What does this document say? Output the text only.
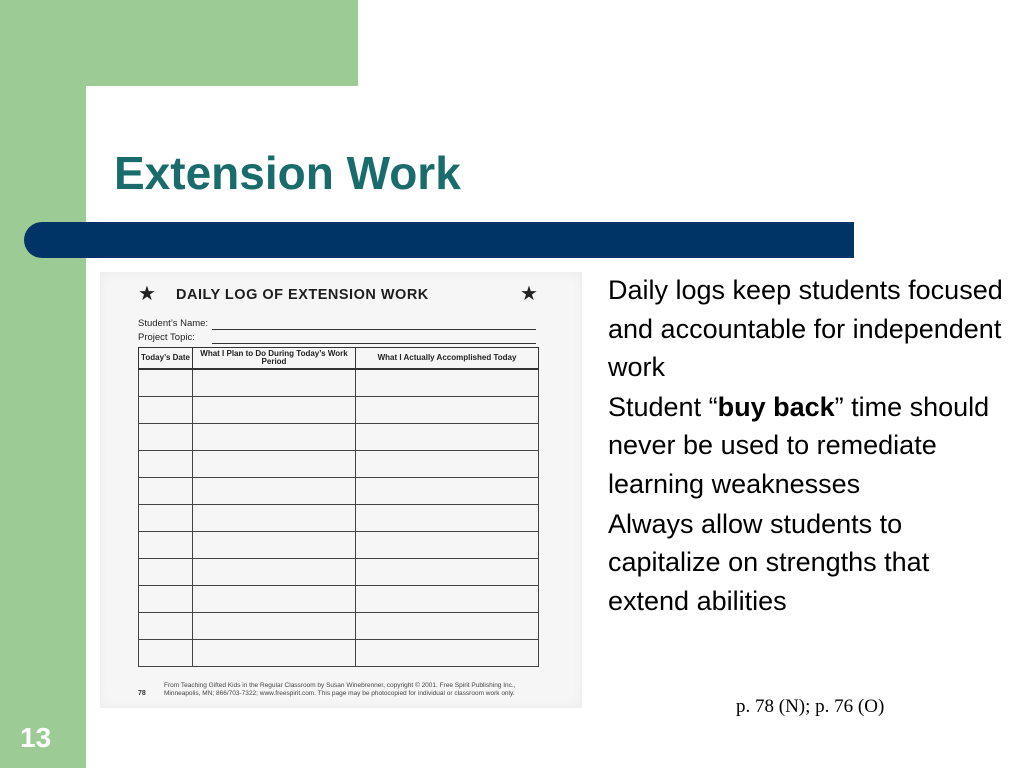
Extension Work
★ DAILY LOG OF EXTENSION WORK	★
Student’s Name:
Project Topic:
Today’s Date	What I Plan to Do During Today’s Work Period	What I Actually Accomplished Today

78
From Teaching Gifted Kids in the Regular Classroom by Susan Winebrenner, copyright © 2001. Free Spirit Publishing Inc.,
Minneapolis, MN; 866/703-7322; www.freespirit.com. This page may be photocopied for individual or classroom work only.
Daily logs keep students focused and accountable for independent work
Student “buy back” time should never be used to remediate learning weaknesses
Always allow students to capitalize on strengths that extend abilities
p. 78 (N); p. 76 (O)
13
